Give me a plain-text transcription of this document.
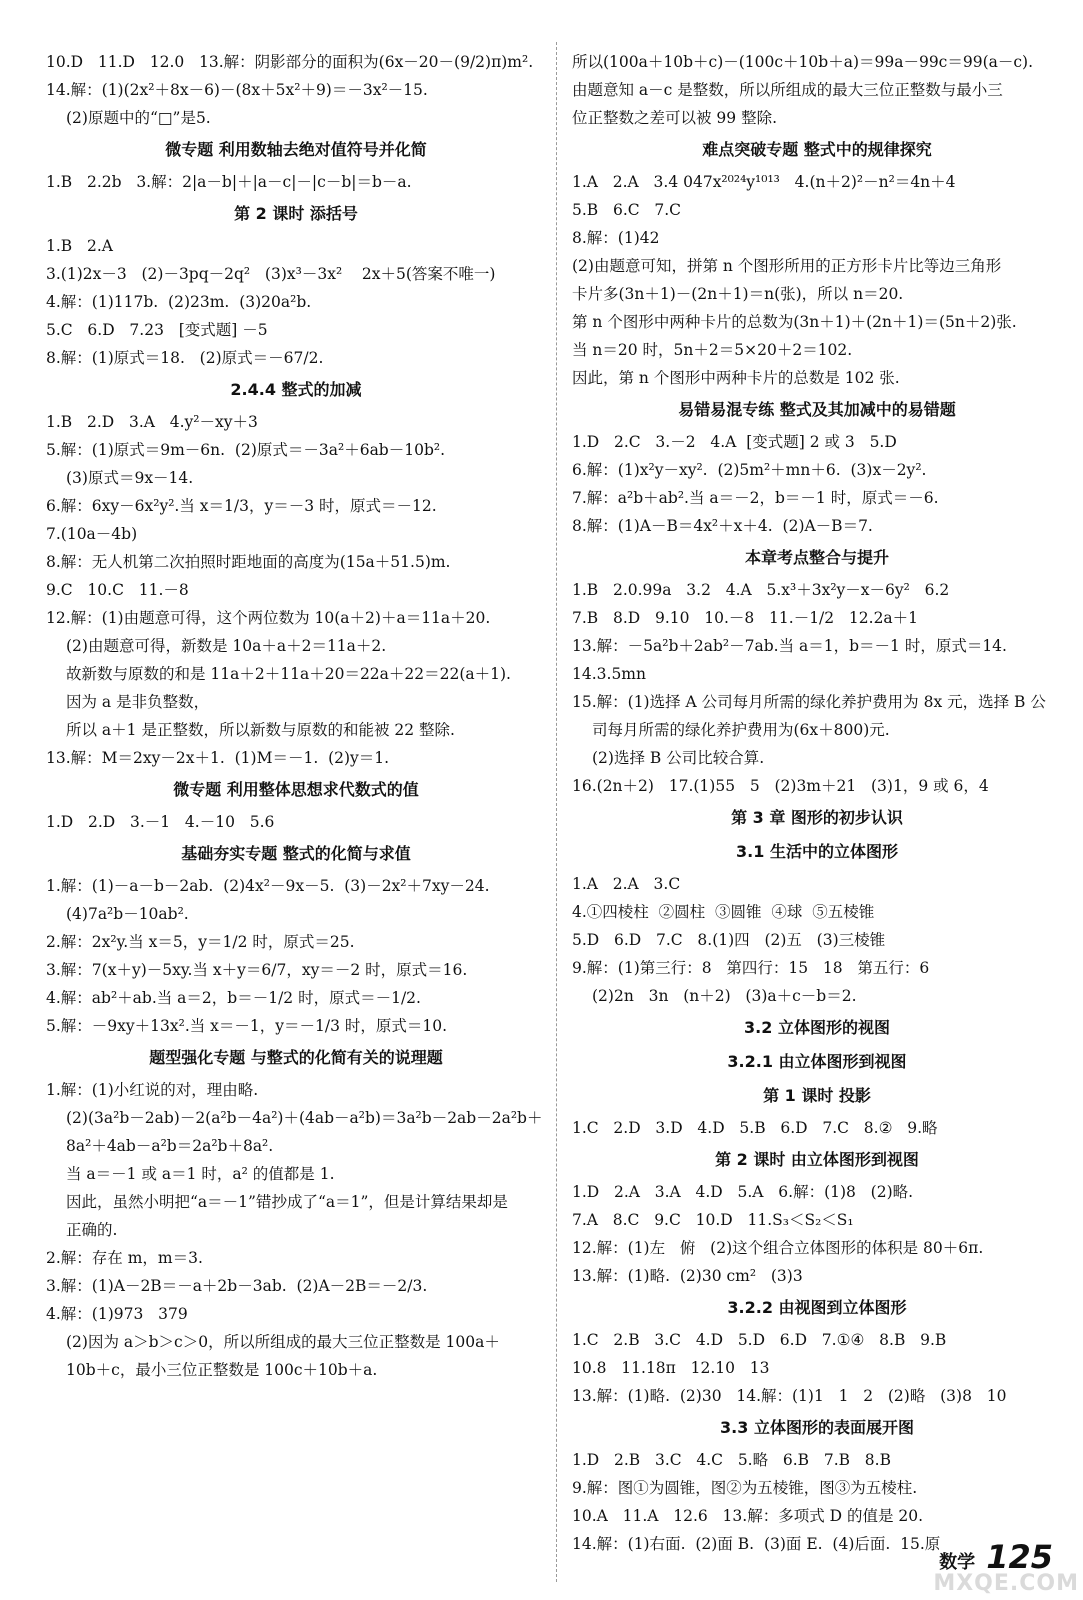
10.D   11.D   12.0   13.解：阴影部分的面积为(6x－20－(9/2)π)m².
14.解：(1)(2x²＋8x－6)－(8x＋5x²＋9)＝－3x²－15.
(2)原题中的“□”是5.
微专题 利用数轴去绝对值符号并化简
1.B   2.2b   3.解：2|a－b|＋|a－c|－|c－b|＝b－a.
第 2 课时 添括号
1.B   2.A
3.(1)2x－3   (2)－3pq－2q²   (3)x³－3x²    2x＋5(答案不唯一)
4.解：(1)117b.  (2)23m.  (3)20a²b.
5.C   6.D   7.23   [变式题] －5
8.解：(1)原式＝18.   (2)原式＝－67/2.
2.4.4 整式的加减
1.B   2.D   3.A   4.y²－xy＋3
5.解：(1)原式＝9m－6n.  (2)原式＝－3a²＋6ab－10b².
(3)原式＝9x－14.
6.解：6xy－6x²y².当 x＝1/3，y＝－3 时，原式＝－12.
7.(10a－4b)
8.解：无人机第二次拍照时距地面的高度为(15a＋51.5)m.
9.C   10.C   11.－8
12.解：(1)由题意可得，这个两位数为 10(a＋2)＋a＝11a＋20.
(2)由题意可得，新数是 10a＋a＋2＝11a＋2.
故新数与原数的和是 11a＋2＋11a＋20＝22a＋22＝22(a＋1).
因为 a 是非负整数，
所以 a＋1 是正整数，所以新数与原数的和能被 22 整除.
13.解：M＝2xy－2x＋1.  (1)M＝－1.  (2)y＝1.
微专题 利用整体思想求代数式的值
1.D   2.D   3.－1   4.－10   5.6
基础夯实专题 整式的化简与求值
1.解：(1)－a－b－2ab.  (2)4x²－9x－5.  (3)－2x²＋7xy－24.
(4)7a²b－10ab².
2.解：2x²y.当 x＝5，y＝1/2 时，原式＝25.
3.解：7(x＋y)－5xy.当 x＋y＝6/7，xy＝－2 时，原式＝16.
4.解：ab²＋ab.当 a＝2，b＝－1/2 时，原式＝－1/2.
5.解：－9xy＋13x².当 x＝－1，y＝－1/3 时，原式＝10.
题型强化专题 与整式的化简有关的说理题
1.解：(1)小红说的对，理由略.
(2)(3a²b－2ab)－2(a²b－4a²)＋(4ab－a²b)＝3a²b－2ab－2a²b＋
8a²＋4ab－a²b＝2a²b＋8a².
当 a＝－1 或 a＝1 时，a² 的值都是 1.
因此，虽然小明把“a＝－1”错抄成了“a＝1”，但是计算结果却是
正确的.
2.解：存在 m，m＝3.
3.解：(1)A－2B＝－a＋2b－3ab.  (2)A－2B＝－2/3.
4.解：(1)973   379
(2)因为 a＞b＞c＞0，所以所组成的最大三位正整数是 100a＋
10b＋c，最小三位正整数是 100c＋10b＋a.
所以(100a＋10b＋c)－(100c＋10b＋a)＝99a－99c＝99(a－c).
由题意知 a－c 是整数，所以所组成的最大三位正整数与最小三
位正整数之差可以被 99 整除.
难点突破专题 整式中的规律探究
1.A   2.A   3.4 047x²⁰²⁴y¹⁰¹³   4.(n＋2)²－n²＝4n＋4
5.B   6.C   7.C
8.解：(1)42
(2)由题意可知，拼第 n 个图形所用的正方形卡片比等边三角形
卡片多(3n＋1)－(2n＋1)＝n(张)，所以 n＝20.
第 n 个图形中两种卡片的总数为(3n＋1)＋(2n＋1)＝(5n＋2)张.
当 n＝20 时，5n＋2＝5×20＋2＝102.
因此，第 n 个图形中两种卡片的总数是 102 张.
易错易混专练 整式及其加减中的易错题
1.D   2.C   3.－2   4.A  [变式题] 2 或 3   5.D
6.解：(1)x²y－xy².  (2)5m²＋mn＋6.  (3)x－2y².
7.解：a²b＋ab².当 a＝－2，b＝－1 时，原式＝－6.
8.解：(1)A－B＝4x²＋x＋4.  (2)A－B＝7.
本章考点整合与提升
1.B   2.0.99a   3.2   4.A   5.x³＋3x²y－x－6y²   6.2
7.B   8.D   9.10   10.－8   11.－1/2   12.2a＋1
13.解：－5a²b＋2ab²－7ab.当 a＝1，b＝－1 时，原式＝14.
14.3.5mn
15.解：(1)选择 A 公司每月所需的绿化养护费用为 8x 元，选择 B 公
司每月所需的绿化养护费用为(6x＋800)元.
(2)选择 B 公司比较合算.
16.(2n＋2)   17.(1)55   5   (2)3m＋21   (3)1，9 或 6，4
第 3 章 图形的初步认识
3.1 生活中的立体图形
1.A   2.A   3.C
4.①四棱柱  ②圆柱  ③圆锥  ④球  ⑤五棱锥
5.D   6.D   7.C   8.(1)四   (2)五   (3)三棱锥
9.解：(1)第三行：8   第四行：15   18   第五行：6
(2)2n   3n   (n＋2)   (3)a＋c－b＝2.
3.2 立体图形的视图
3.2.1 由立体图形到视图
第 1 课时 投影
1.C   2.D   3.D   4.D   5.B   6.D   7.C   8.②   9.略
第 2 课时 由立体图形到视图
1.D   2.A   3.A   4.D   5.A   6.解：(1)8   (2)略.
7.A   8.C   9.C   10.D   11.S₃＜S₂＜S₁
12.解：(1)左   俯   (2)这个组合立体图形的体积是 80＋6π.
13.解：(1)略.  (2)30 cm²   (3)3
3.2.2 由视图到立体图形
1.C   2.B   3.C   4.D   5.D   6.D   7.①④   8.B   9.B
10.8   11.18π   12.10   13
13.解：(1)略.  (2)30   14.解：(1)1   1   2   (2)略   (3)8   10
3.3 立体图形的表面展开图
1.D   2.B   3.C   4.C   5.略   6.B   7.B   8.B
9.解：图①为圆锥，图②为五棱锥，图③为五棱柱.
10.A   11.A   12.6   13.解：多项式 D 的值是 20.
14.解：(1)右面.  (2)面 B.  (3)面 E.  (4)后面.  15.原
数学 125
MXQE.COM
